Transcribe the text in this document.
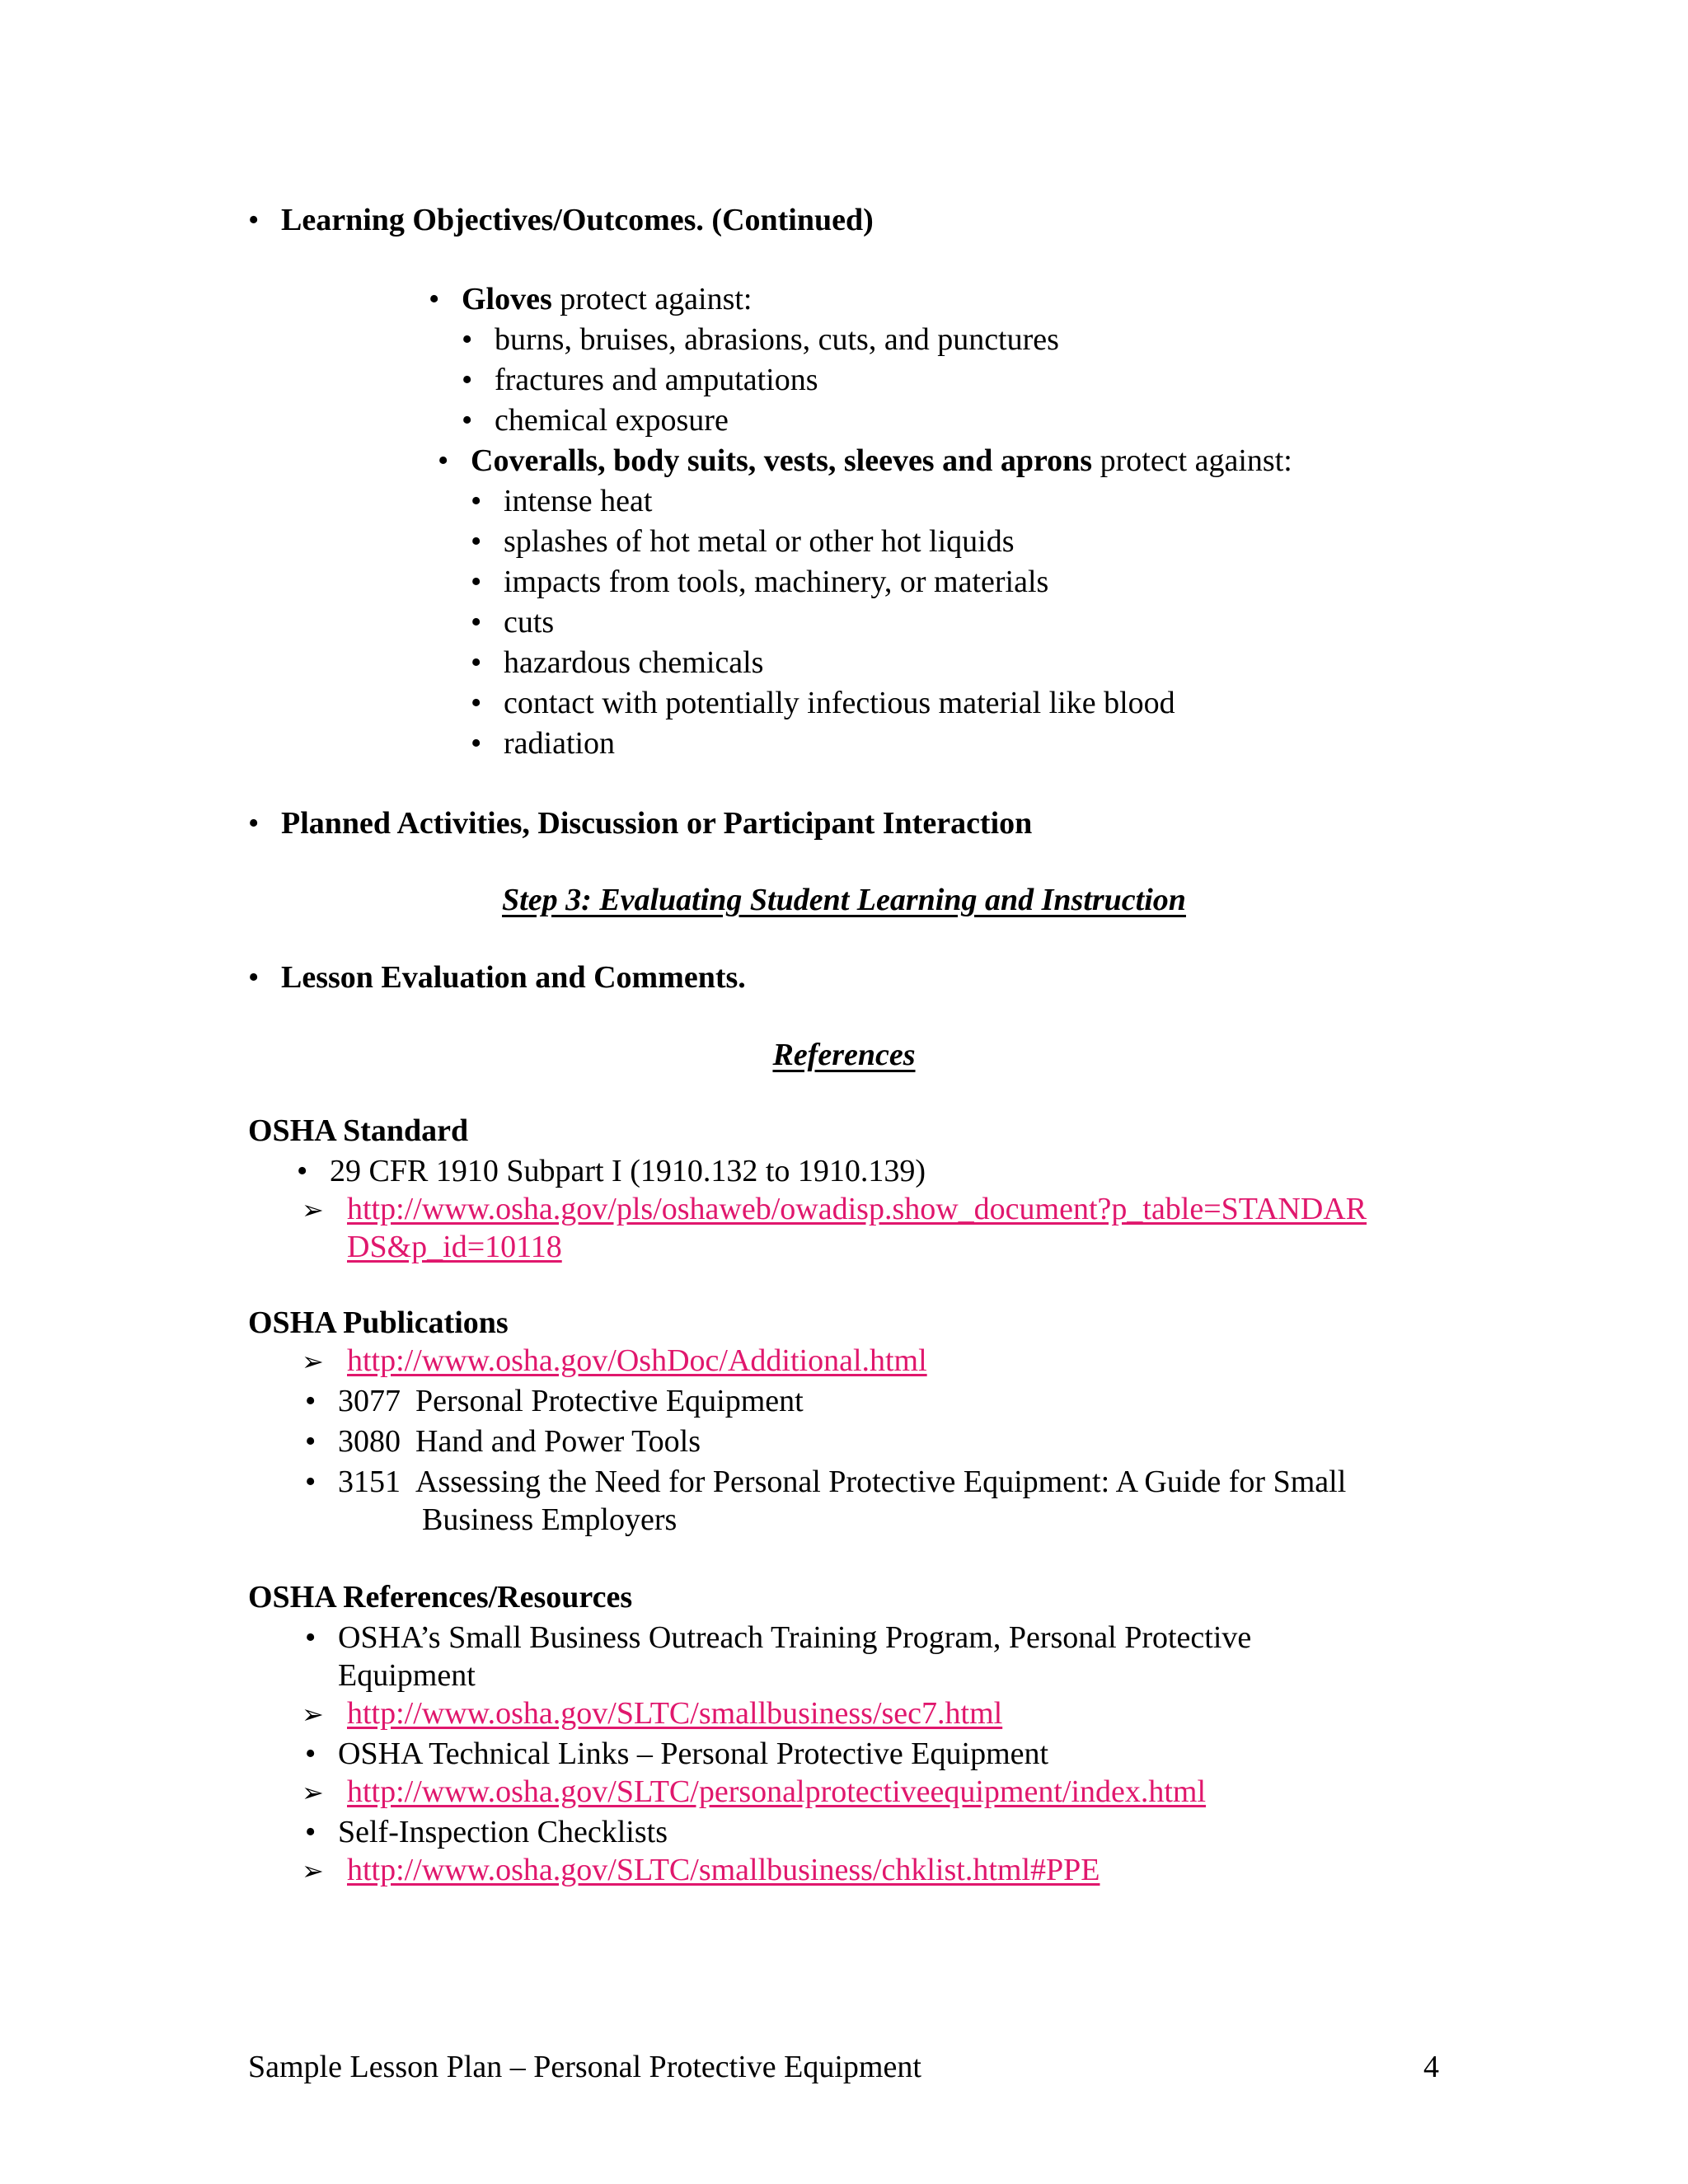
•Learning Objectives/Outcomes. (Continued)
•Gloves protect against:
•burns, bruises, abrasions, cuts, and punctures
•fractures and amputations
•chemical exposure
•Coveralls, body suits, vests, sleeves and aprons protect against:
•intense heat
•splashes of hot metal or other hot liquids
•impacts from tools, machinery, or materials
•cuts
•hazardous chemicals
•contact with potentially infectious material like blood
•radiation
•Planned Activities, Discussion or Participant Interaction
Step 3: Evaluating Student Learning and Instruction
•Lesson Evaluation and Comments.
References
OSHA Standard
•29 CFR 1910 Subpart I (1910.132 to 1910.139)
➢ http://www.osha.gov/pls/oshaweb/owadisp.show_document?p_table=STANDAR
DS&p_id=10118
OSHA Publications
➢ http://www.osha.gov/OshDoc/Additional.html
•3077 Personal Protective Equipment
•3080 Hand and Power Tools
•3151 Assessing the Need for Personal Protective Equipment: A Guide for Small
Business Employers
OSHA References/Resources
•OSHA’s Small Business Outreach Training Program, Personal Protective
Equipment
➢ http://www.osha.gov/SLTC/smallbusiness/sec7.html
•OSHA Technical Links – Personal Protective Equipment
➢ http://www.osha.gov/SLTC/personalprotectiveequipment/index.html
•Self-Inspection Checklists
➢ http://www.osha.gov/SLTC/smallbusiness/chklist.html#PPE
Sample Lesson Plan – Personal Protective Equipment	4
